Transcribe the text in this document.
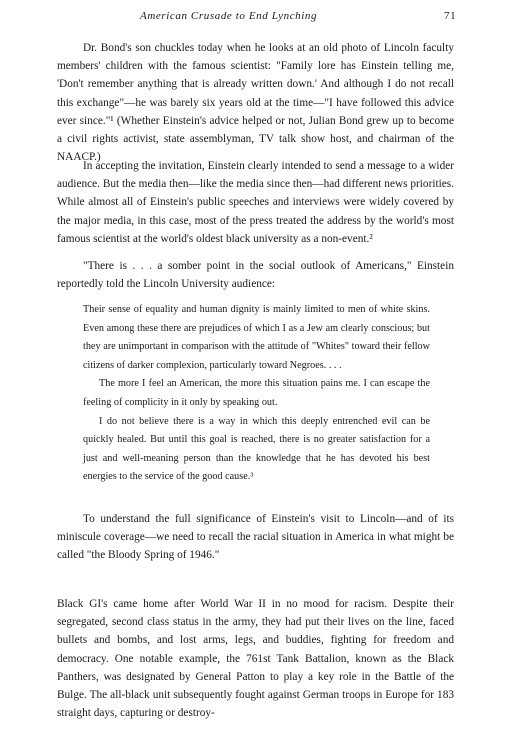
American Crusade to End Lynching	71

Dr. Bond's son chuckles today when he looks at an old photo of Lincoln faculty members' children with the famous scientist: "Family lore has Einstein telling me, 'Don't remember anything that is already written down.' And although I do not recall this exchange"—he was barely six years old at the time—"I have followed this advice ever since."¹ (Whether Einstein's advice helped or not, Julian Bond grew up to become a civil rights activist, state assemblyman, TV talk show host, and chairman of the NAACP.)

In accepting the invitation, Einstein clearly intended to send a message to a wider audience. But the media then—like the media since then—had different news priorities. While almost all of Einstein's public speeches and interviews were widely covered by the major media, in this case, most of the press treated the address by the world's most famous scientist at the world's oldest black university as a non-event.²

"There is . . . a somber point in the social outlook of Americans," Einstein reportedly told the Lincoln University audience:

Their sense of equality and human dignity is mainly limited to men of white skins. Even among these there are prejudices of which I as a Jew am clearly conscious; but they are unimportant in comparison with the attitude of "Whites" toward their fellow citizens of darker complexion, particularly toward Negroes. . . .

The more I feel an American, the more this situation pains me. I can escape the feeling of complicity in it only by speaking out.

I do not believe there is a way in which this deeply entrenched evil can be quickly healed. But until this goal is reached, there is no greater satisfaction for a just and well-meaning person than the knowledge that he has devoted his best energies to the service of the good cause.³

To understand the full significance of Einstein's visit to Lincoln—and of its miniscule coverage—we need to recall the racial situation in America in what might be called "the Bloody Spring of 1946."

Black GI's came home after World War II in no mood for racism. Despite their segregated, second class status in the army, they had put their lives on the line, faced bullets and bombs, and lost arms, legs, and buddies, fighting for freedom and democracy. One notable example, the 761st Tank Battalion, known as the Black Panthers, was designated by General Patton to play a key role in the Battle of the Bulge. The all-black unit subsequently fought against German troops in Europe for 183 straight days, capturing or destroy-
